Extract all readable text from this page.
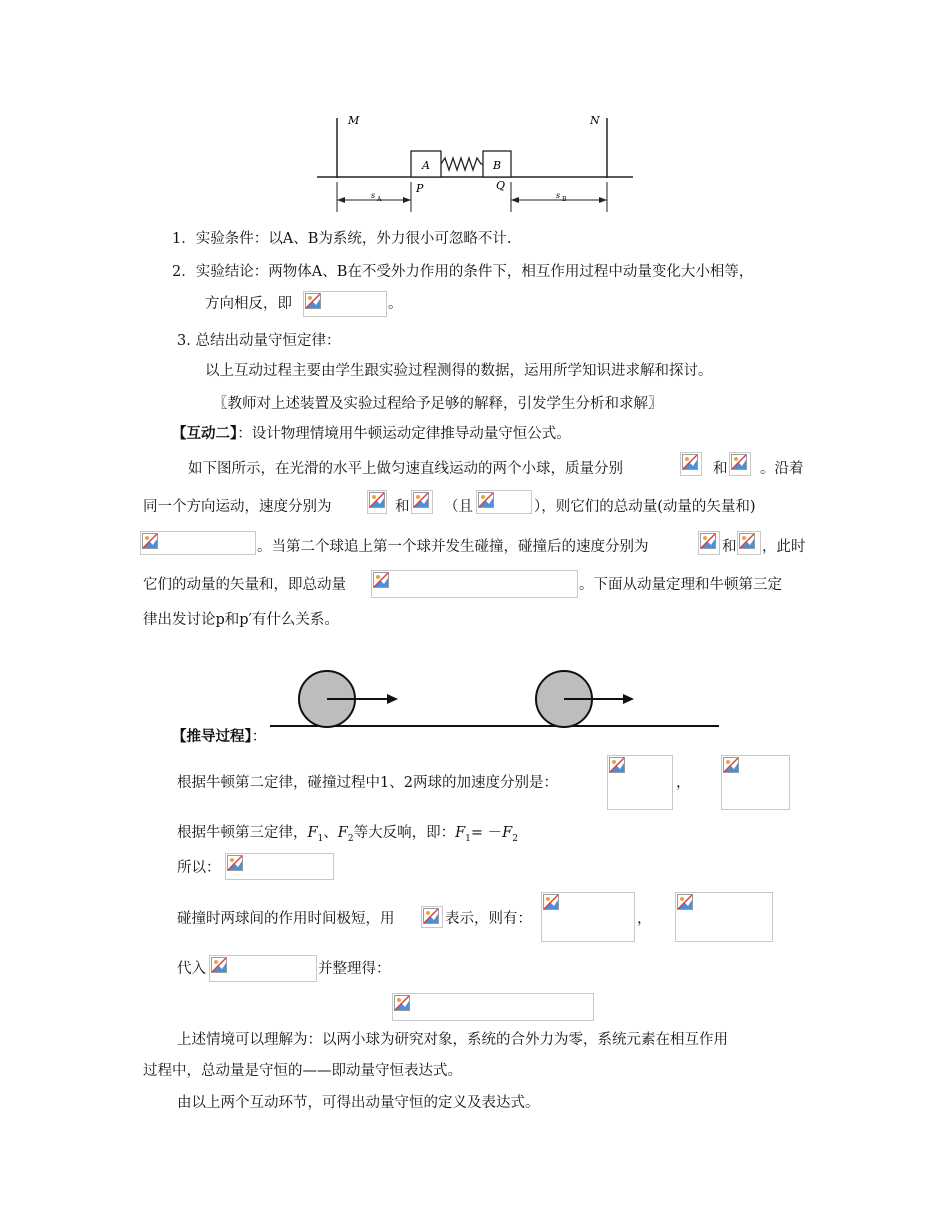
M	N
A	B
P	Q
s A	s B
1．实验条件：以A、B为系统，外力很小可忽略不计.
2．实验结论：两物体A、B在不受外力作用的条件下，相互作用过程中动量变化大小相等，
方向相反，即	。
3. 总结出动量守恒定律：
以上互动过程主要由学生跟实验过程测得的数据，运用所学知识进求解和探讨。
〖教师对上述装置及实验过程给予足够的解释，引发学生分析和求解〗
【互动二】：设计物理情境用牛顿运动定律推导动量守恒公式。
如下图所示，在光滑的水平上做匀速直线运动的两个小球，质量分别	和 。沿着
同一个方向运动，速度分别为	和 （且	），则它们的总动量(动量的矢量和)
。当第二个球追上第一个球并发生碰撞，碰撞后的速度分别为	和 ，此时
它们的动量的矢量和，即总动量	。下面从动量定理和牛顿第三定
律出发讨论p和p′有什么关系。
【推导过程】：
根据牛顿第二定律，碰撞过程中1、2两球的加速度分别是：	，
根据牛顿第三定律，$F_1$、$F_2$等大反响，即：$F_1= -F_2$
所以：
碰撞时两球间的作用时间极短，用	表示，则有：	，
代入	并整理得：
上述情境可以理解为：以两小球为研究对象，系统的合外力为零，系统元素在相互作用
过程中，总动量是守恒的——即动量守恒表达式。
由以上两个互动环节，可得出动量守恒的定义及表达式。
